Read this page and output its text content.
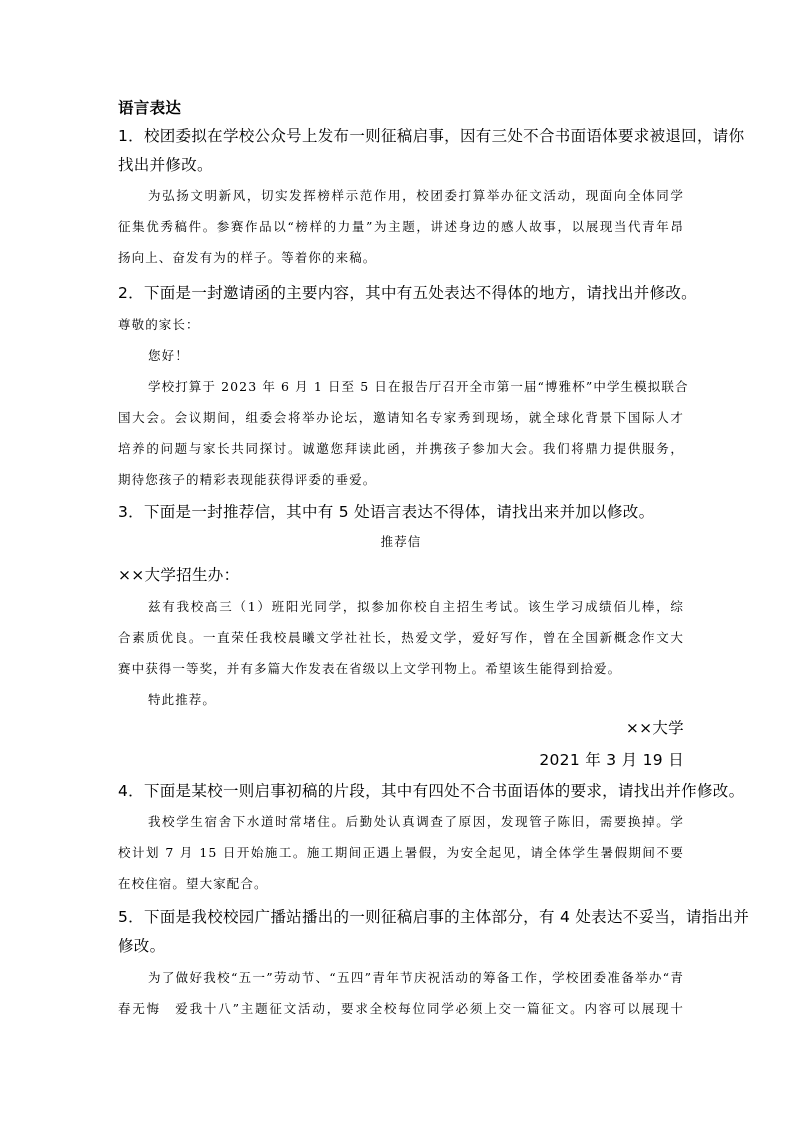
语言表达
1．校团委拟在学校公众号上发布一则征稿启事，因有三处不合书面语体要求被退回，请你
找出并修改。
为弘扬文明新风，切实发挥榜样示范作用，校团委打算举办征文活动，现面向全体同学
征集优秀稿件。参赛作品以“榜样的力量”为主题，讲述身边的感人故事，以展现当代青年昂
扬向上、奋发有为的样子。等着你的来稿。
2．下面是一封邀请函的主要内容，其中有五处表达不得体的地方，请找出并修改。
尊敬的家长：
您好！
学校打算于 2023 年 6 月 1 日至 5 日在报告厅召开全市第一届“博雅杯”中学生模拟联合
国大会。会议期间，组委会将举办论坛，邀请知名专家秀到现场，就全球化背景下国际人才
培养的问题与家长共同探讨。诚邀您拜读此函，并携孩子参加大会。我们将鼎力提供服务，
期待您孩子的精彩表现能获得评委的垂爱。
3．下面是一封推荐信，其中有 5 处语言表达不得体，请找出来并加以修改。
推荐信
××大学招生办：
兹有我校高三（1）班阳光同学，拟参加你校自主招生考试。该生学习成绩佰儿棒，综
合素质优良。一直荣任我校晨曦文学社社长，热爱文学，爱好写作，曾在全国新概念作文大
赛中获得一等奖，并有多篇大作发表在省级以上文学刊物上。希望该生能得到拾爱。
特此推荐。
××大学
2021 年 3 月 19 日
4．下面是某校一则启事初稿的片段，其中有四处不合书面语体的要求，请找出并作修改。
我校学生宿舍下水道时常堵住。后勤处认真调查了原因，发现管子陈旧，需要换掉。学
校计划 7 月 15 日开始施工。施工期间正遇上暑假，为安全起见，请全体学生暑假期间不要
在校住宿。望大家配合。
5．下面是我校校园广播站播出的一则征稿启事的主体部分，有 4 处表达不妥当，请指出并
修改。
为了做好我校“五一”劳动节、“五四”青年节庆祝活动的筹备工作，学校团委准备举办“青
春无悔　爱我十八”主题征文活动，要求全校每位同学必须上交一篇征文。内容可以展现十
